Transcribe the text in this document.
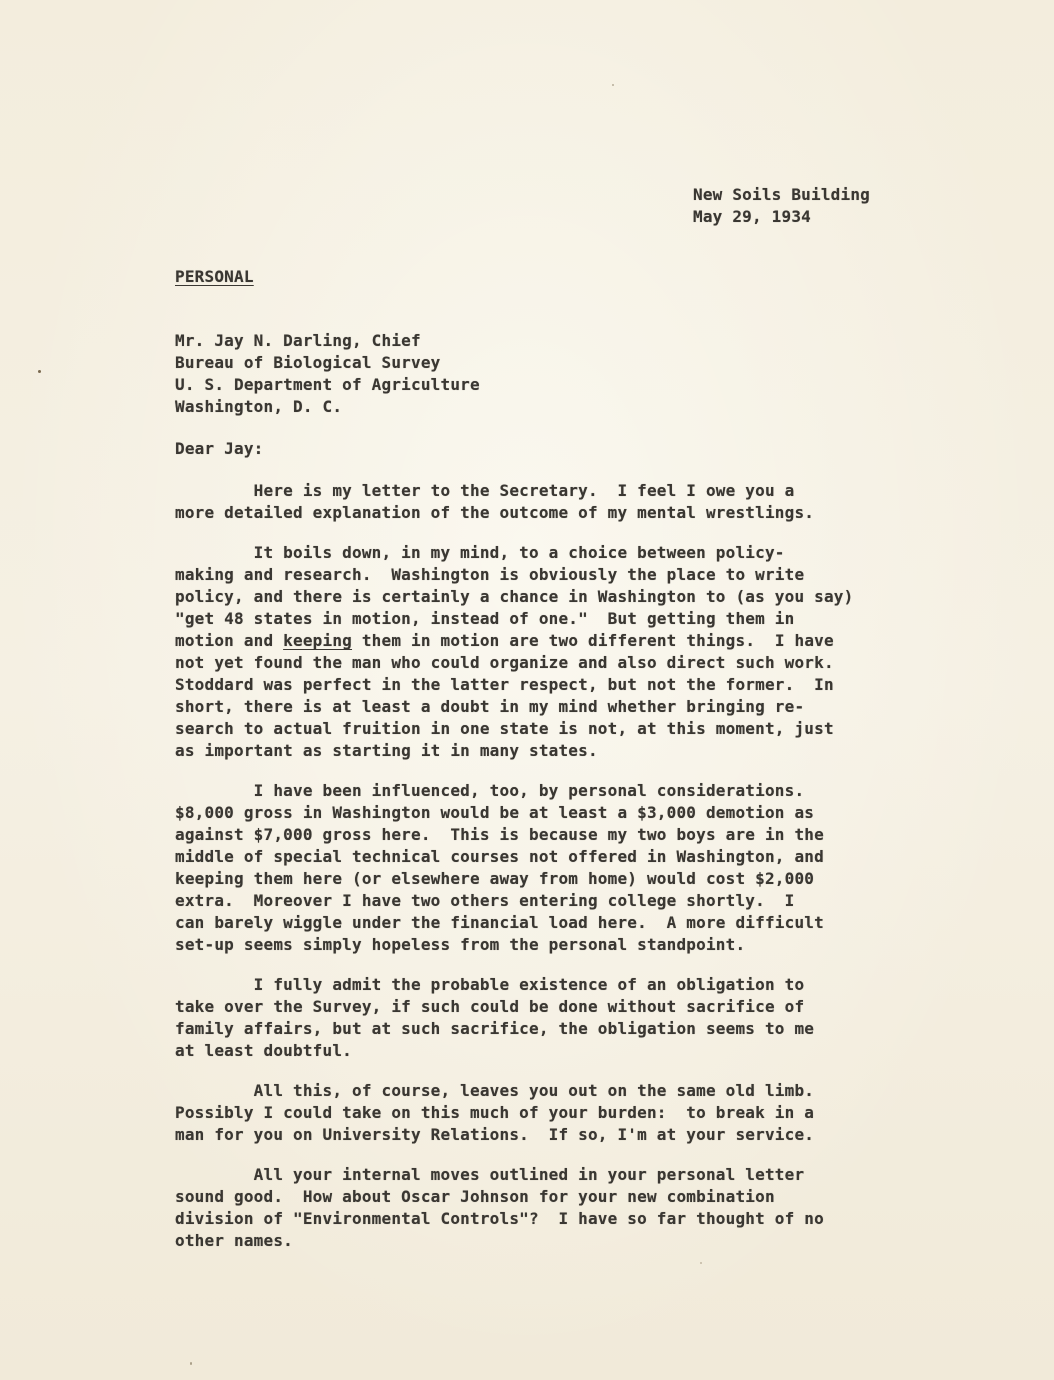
New Soils Building
May 29, 1934
PERSONAL
Mr. Jay N. Darling, Chief
Bureau of Biological Survey
U. S. Department of Agriculture
Washington, D. C.
Dear Jay:
Here is my letter to the Secretary.  I feel I owe you a
more detailed explanation of the outcome of my mental wrestlings.
It boils down, in my mind, to a choice between policy-
making and research.  Washington is obviously the place to write
policy, and there is certainly a chance in Washington to (as you say)
"get 48 states in motion, instead of one."  But getting them in
motion and keeping them in motion are two different things.  I have
not yet found the man who could organize and also direct such work.
Stoddard was perfect in the latter respect, but not the former.  In
short, there is at least a doubt in my mind whether bringing re-
search to actual fruition in one state is not, at this moment, just
as important as starting it in many states.
I have been influenced, too, by personal considerations.
$8,000 gross in Washington would be at least a $3,000 demotion as
against $7,000 gross here.  This is because my two boys are in the
middle of special technical courses not offered in Washington, and
keeping them here (or elsewhere away from home) would cost $2,000
extra.  Moreover I have two others entering college shortly.  I
can barely wiggle under the financial load here.  A more difficult
set-up seems simply hopeless from the personal standpoint.
I fully admit the probable existence of an obligation to
take over the Survey, if such could be done without sacrifice of
family affairs, but at such sacrifice, the obligation seems to me
at least doubtful.
All this, of course, leaves you out on the same old limb.
Possibly I could take on this much of your burden:  to break in a
man for you on University Relations.  If so, I'm at your service.
All your internal moves outlined in your personal letter
sound good.  How about Oscar Johnson for your new combination
division of "Environmental Controls"?  I have so far thought of no
other names.
